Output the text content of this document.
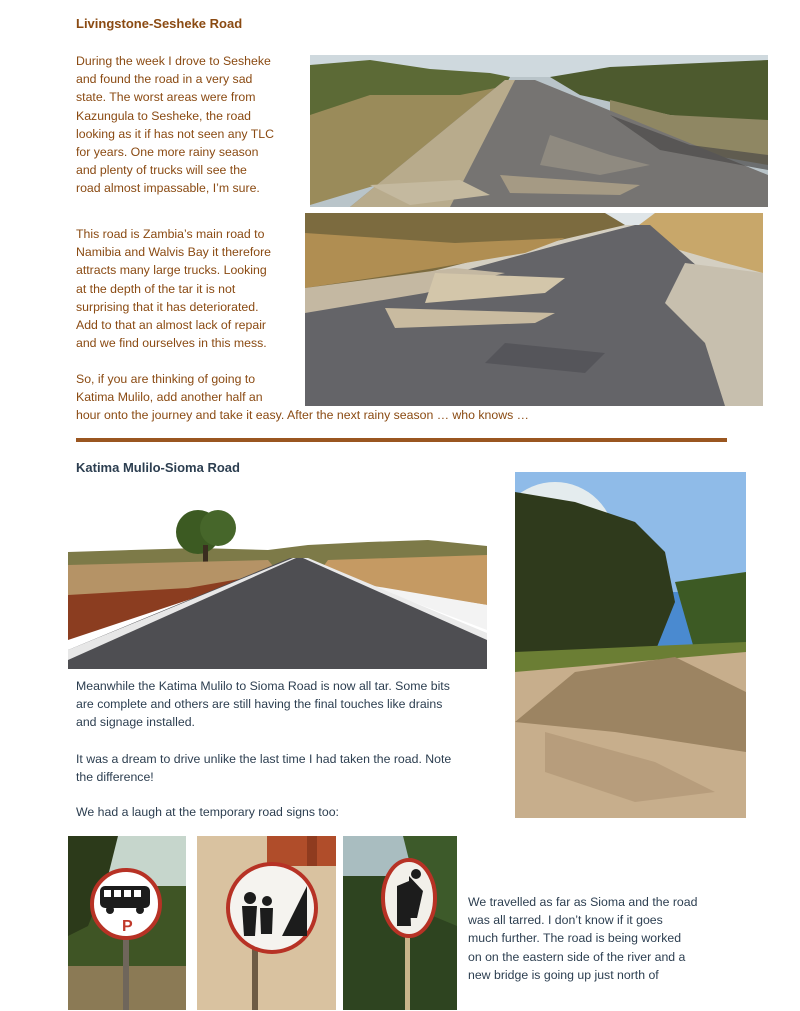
Livingstone-Sesheke Road

During the week I drove to Sesheke
and found the road in a very sad
state. The worst areas were from
Kazungula to Sesheke, the road
looking as it if has not seen any TLC
for years. One more rainy season
and plenty of trucks will see the
road almost impassable, I’m sure.

This road is Zambia’s main road to
Namibia and Walvis Bay it therefore
attracts many large trucks. Looking
at the depth of the tar it is not
surprising that it has deteriorated.
Add to that an almost lack of repair
and we find ourselves in this mess.

So, if you are thinking of going to
Katima Mulilo, add another half an
hour onto the journey and take it easy. After the next rainy season … who knows …

Katima Mulilo-Sioma Road

Meanwhile the Katima Mulilo to Sioma Road is now all tar. Some bits
are complete and others are still having the final touches like drains
and signage installed.

It was a dream to drive unlike the last time I had taken the road. Note
the difference!

We had a laugh at the temporary road signs too:

P

We travelled as far as Sioma and the road
was all tarred. I don’t know if it goes
much further. The road is being worked
on on the eastern side of the river and a
new bridge is going up just north of
